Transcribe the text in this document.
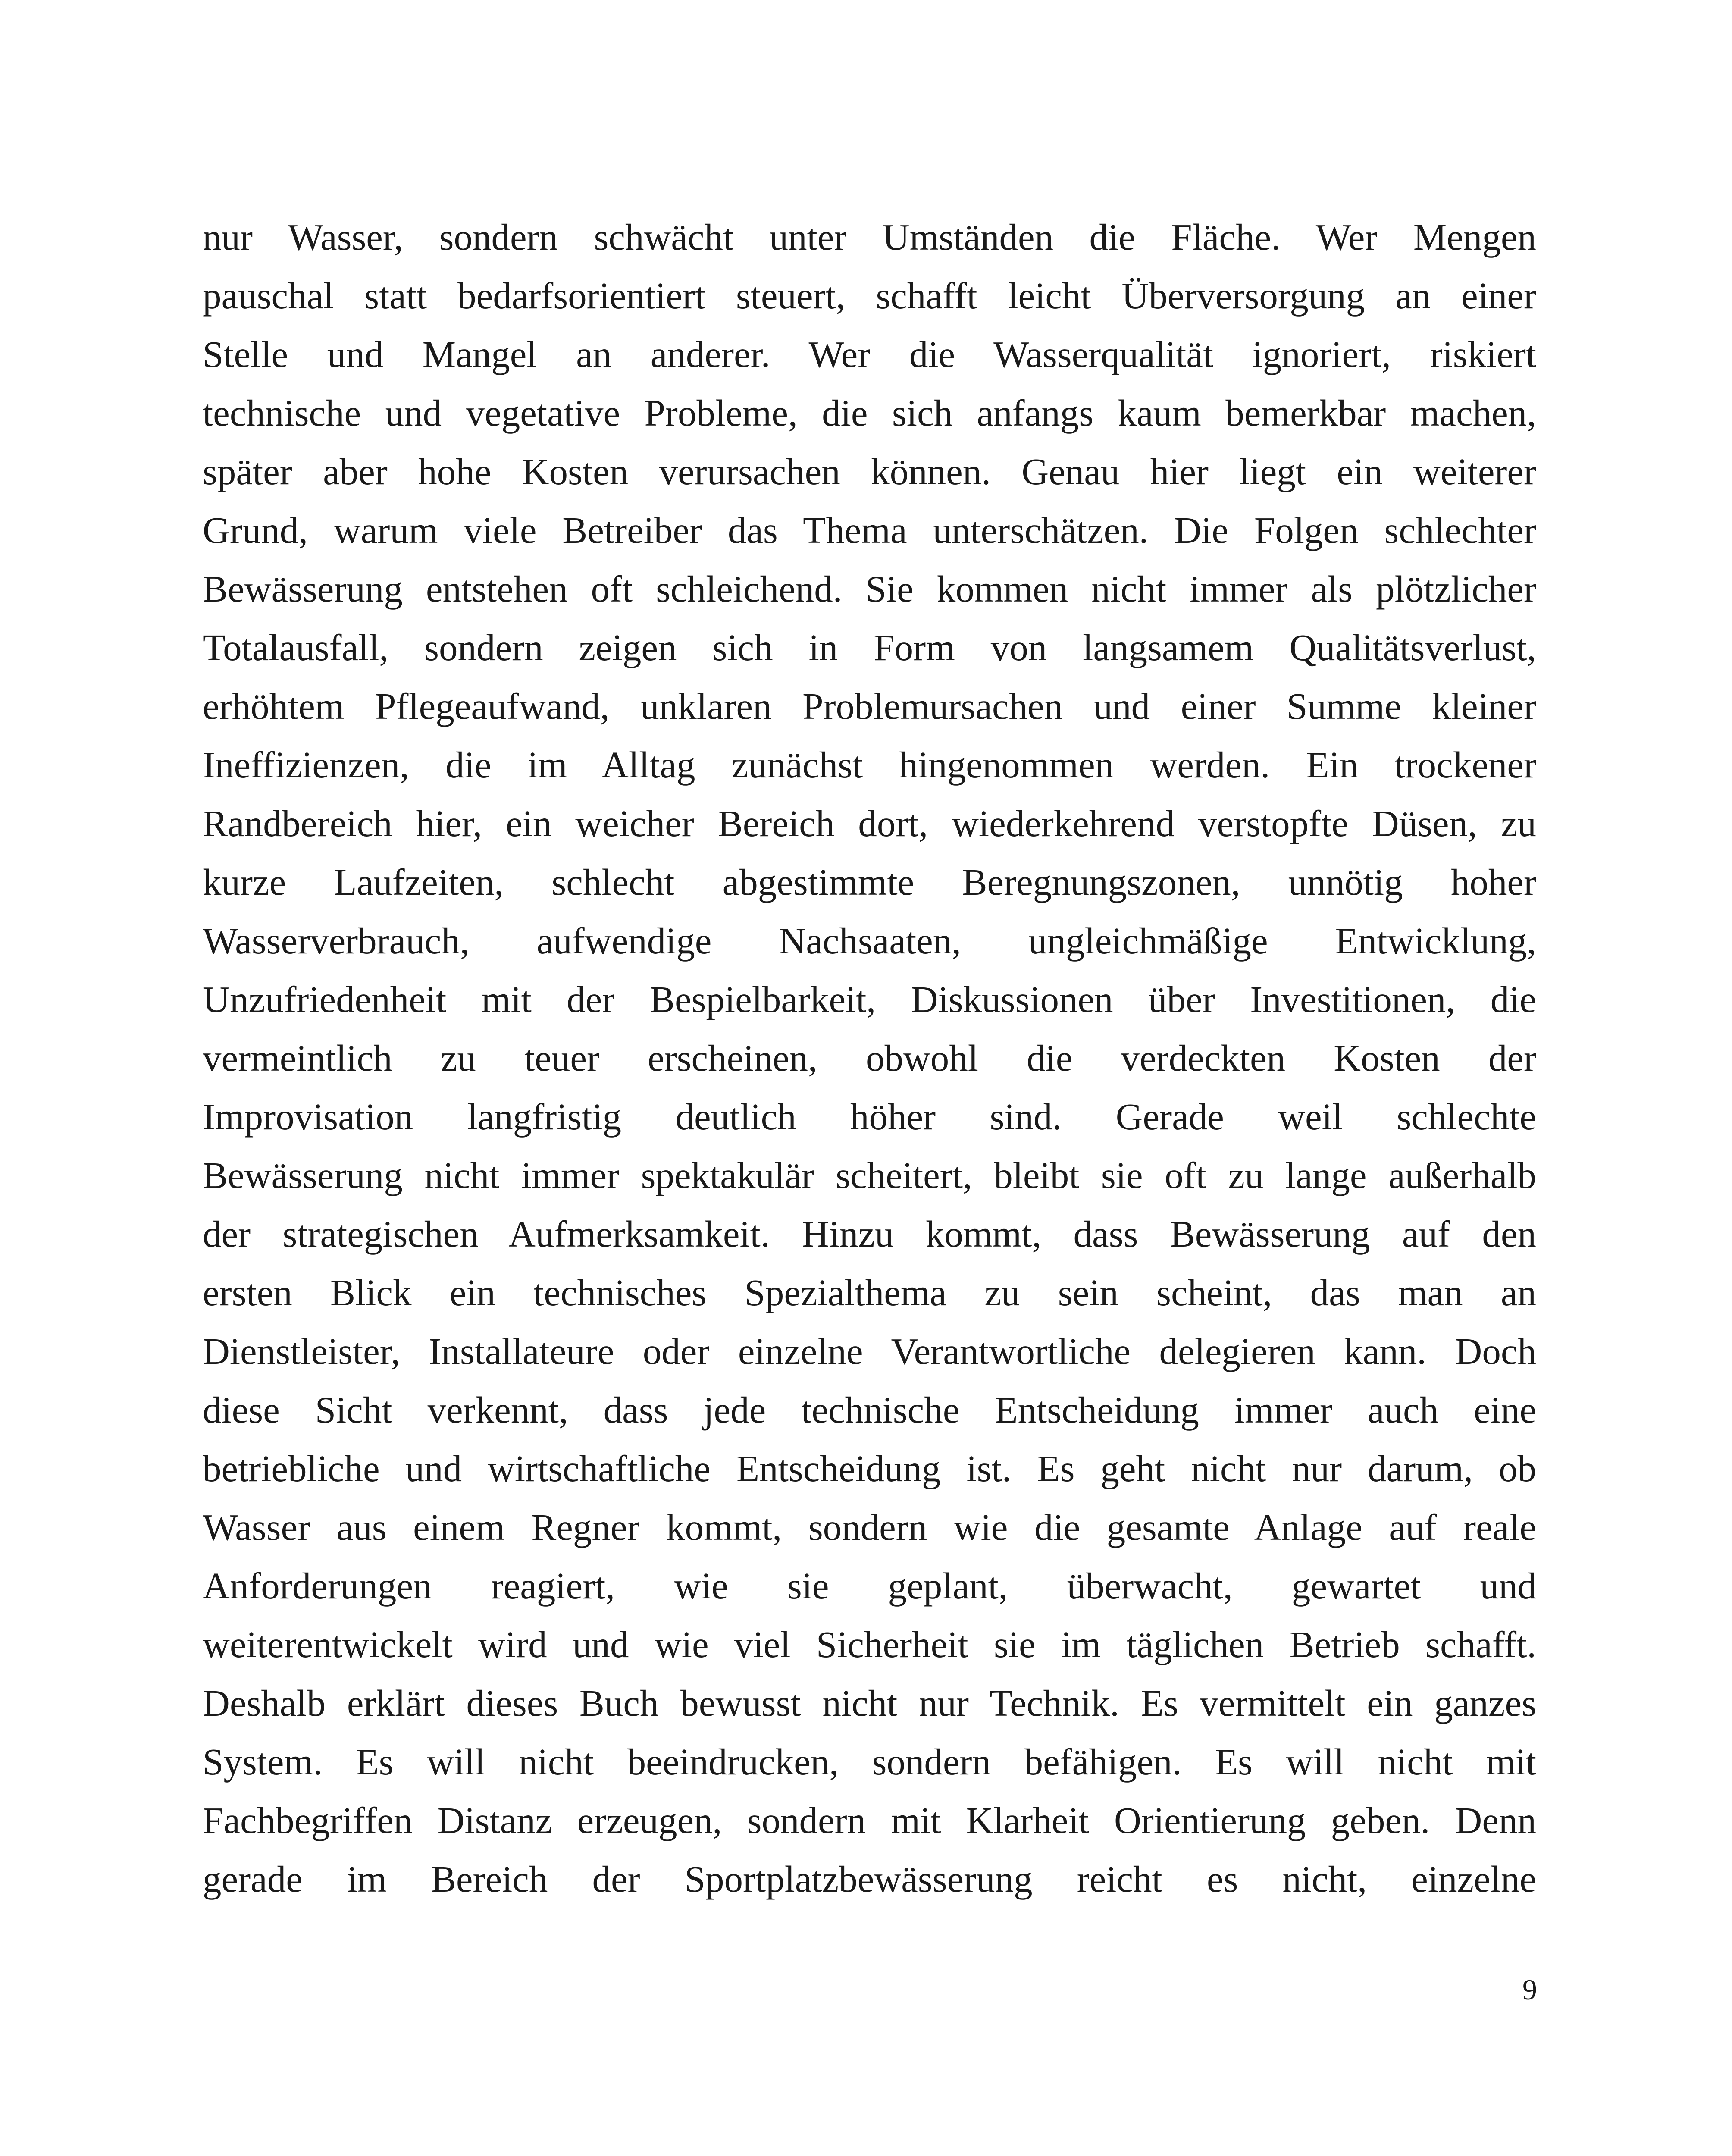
nur Wasser, sondern schwächt unter Umständen die Fläche. Wer Mengen
pauschal statt bedarfsorientiert steuert, schafft leicht Überversorgung an einer
Stelle und Mangel an anderer. Wer die Wasserqualität ignoriert, riskiert
technische und vegetative Probleme, die sich anfangs kaum bemerkbar machen,
später aber hohe Kosten verursachen können. Genau hier liegt ein weiterer
Grund, warum viele Betreiber das Thema unterschätzen. Die Folgen schlechter
Bewässerung entstehen oft schleichend. Sie kommen nicht immer als plötzlicher
Totalausfall, sondern zeigen sich in Form von langsamem Qualitätsverlust,
erhöhtem Pflegeaufwand, unklaren Problemursachen und einer Summe kleiner
Ineffizienzen, die im Alltag zunächst hingenommen werden. Ein trockener
Randbereich hier, ein weicher Bereich dort, wiederkehrend verstopfte Düsen, zu
kurze Laufzeiten, schlecht abgestimmte Beregnungszonen, unnötig hoher
Wasserverbrauch, aufwendige Nachsaaten, ungleichmäßige Entwicklung,
Unzufriedenheit mit der Bespielbarkeit, Diskussionen über Investitionen, die
vermeintlich zu teuer erscheinen, obwohl die verdeckten Kosten der
Improvisation langfristig deutlich höher sind. Gerade weil schlechte
Bewässerung nicht immer spektakulär scheitert, bleibt sie oft zu lange außerhalb
der strategischen Aufmerksamkeit. Hinzu kommt, dass Bewässerung auf den
ersten Blick ein technisches Spezialthema zu sein scheint, das man an
Dienstleister, Installateure oder einzelne Verantwortliche delegieren kann. Doch
diese Sicht verkennt, dass jede technische Entscheidung immer auch eine
betriebliche und wirtschaftliche Entscheidung ist. Es geht nicht nur darum, ob
Wasser aus einem Regner kommt, sondern wie die gesamte Anlage auf reale
Anforderungen reagiert, wie sie geplant, überwacht, gewartet und
weiterentwickelt wird und wie viel Sicherheit sie im täglichen Betrieb schafft.
Deshalb erklärt dieses Buch bewusst nicht nur Technik. Es vermittelt ein ganzes
System. Es will nicht beeindrucken, sondern befähigen. Es will nicht mit
Fachbegriffen Distanz erzeugen, sondern mit Klarheit Orientierung geben. Denn
gerade im Bereich der Sportplatzbewässerung reicht es nicht, einzelne
9
